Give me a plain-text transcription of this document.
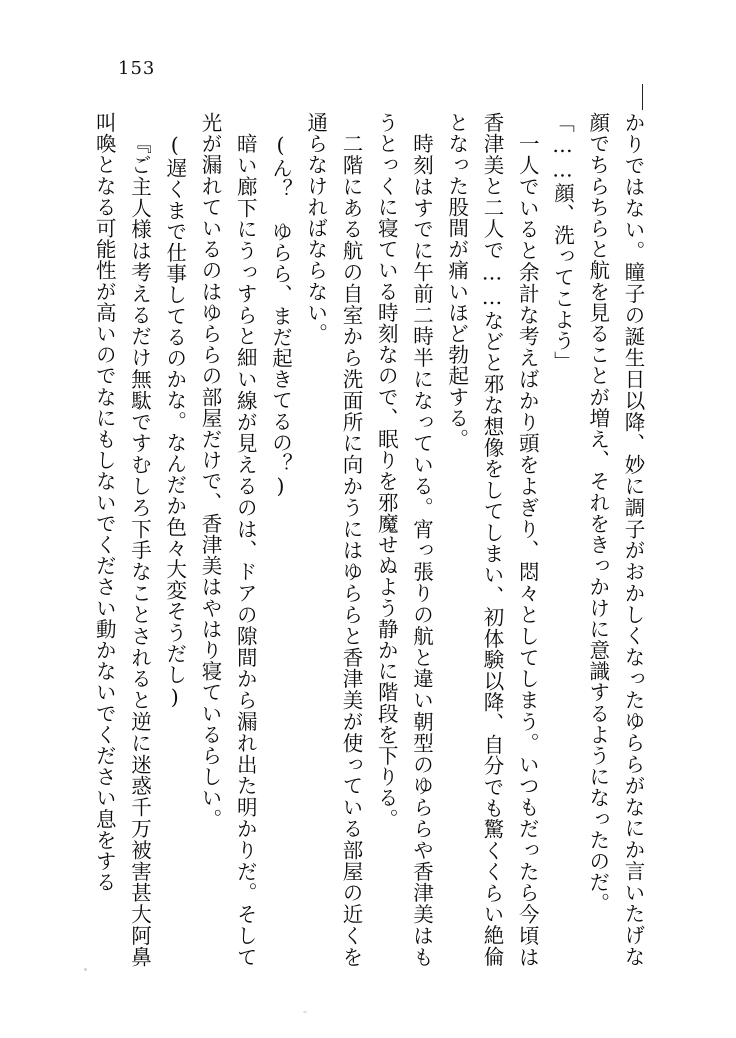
153

かりではない。瞳子の誕生日以降、妙に調子がおかしくなったゆららがなにか言いたげな顔でちらちらと航を見ることが増え、それをきっかけに意識するようになったのだ。

「……顔、洗ってこよう」

一人でいると余計な考えばかり頭をよぎり、悶々としてしまう。いつもだったら今頃は香津美と二人で……などと邪な想像をしてしまい、初体験以降、自分でも驚くくらい絶倫となった股間が痛いほど勃起する。

時刻はすでに午前二時半になっている。宵っ張りの航と違い朝型のゆららや香津美はもうとっくに寝ている時刻なので、眠りを邪魔せぬよう静かに階段を下りる。

二階にある航の自室から洗面所に向かうにはゆららと香津美が使っている部屋の近くを通らなければならない。

(ん？　ゆらら、まだ起きてるの？)

暗い廊下にうっすらと細い線が見えるのは、ドアの隙間から漏れ出た明かりだ。そして光が漏れているのはゆららの部屋だけで、香津美はやはり寝ているらしい。

(遅くまで仕事してるのかな。なんだか色々大変そうだし)

『ご主人様は考えるだけ無駄ですむしろ下手なことされると逆に迷惑千万被害甚大阿鼻叫喚となる可能性が高いのでなにもしないでください動かないでください息をする
